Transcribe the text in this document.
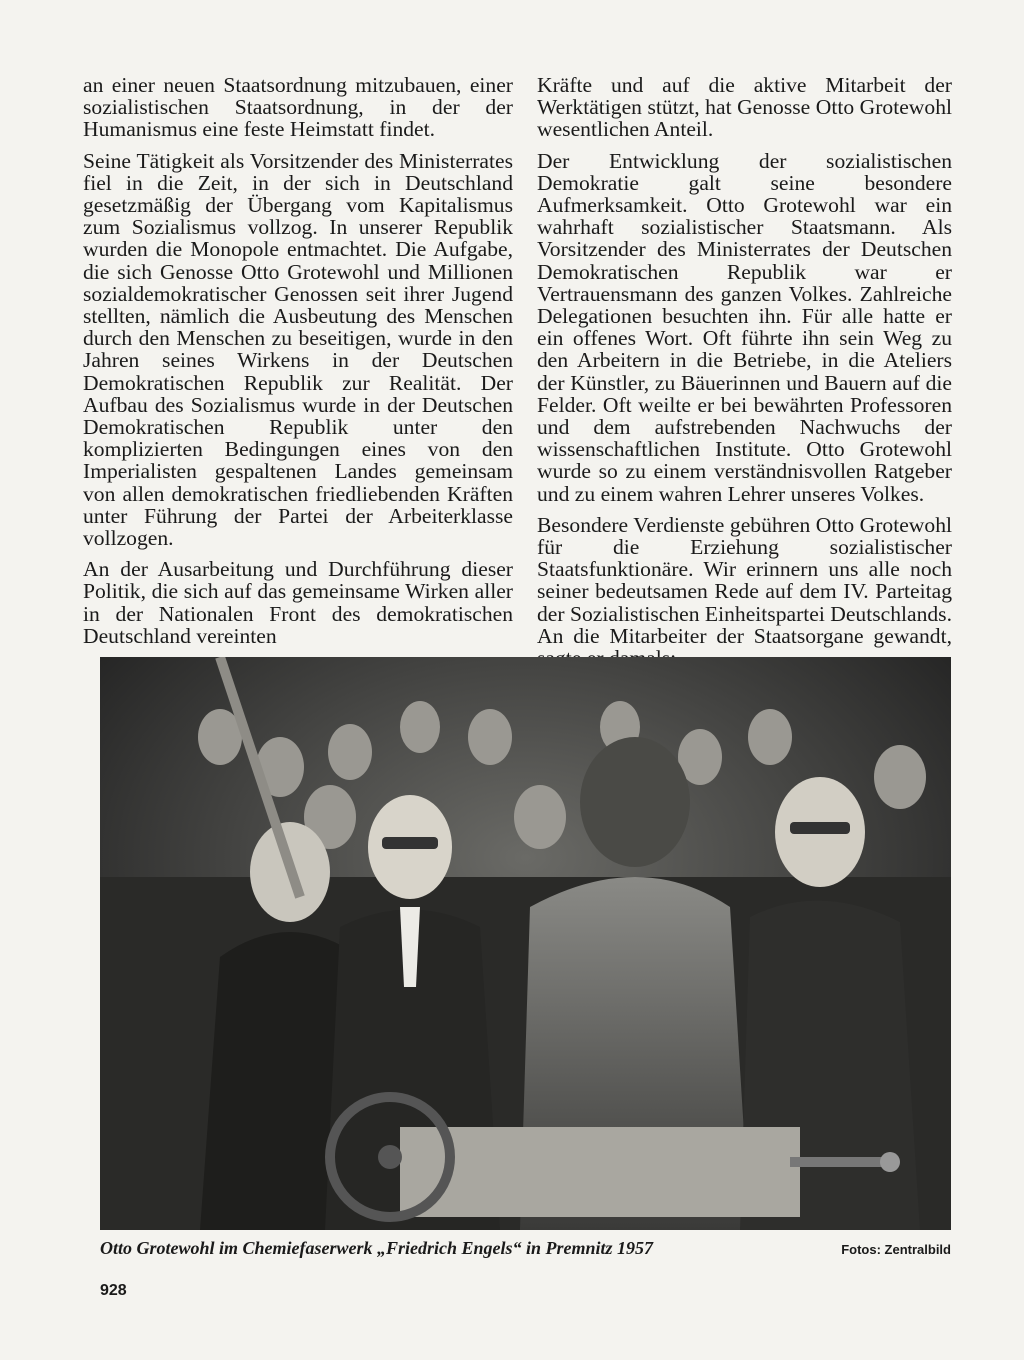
an einer neuen Staatsordnung mitzubauen, einer sozialistischen Staatsordnung, in der der Humanismus eine feste Heimstatt findet.

Seine Tätigkeit als Vorsitzender des Ministerrates fiel in die Zeit, in der sich in Deutschland gesetzmäßig der Übergang vom Kapitalismus zum Sozialismus vollzog. In unserer Republik wurden die Monopole entmachtet. Die Aufgabe, die sich Genosse Otto Grotewohl und Millionen sozialdemokratischer Genossen seit ihrer Jugend stellten, nämlich die Ausbeutung des Menschen durch den Menschen zu beseitigen, wurde in den Jahren seines Wirkens in der Deutschen Demokratischen Republik zur Realität. Der Aufbau des Sozialismus wurde in der Deutschen Demokratischen Republik unter den komplizierten Bedingungen eines von den Imperialisten gespaltenen Landes gemeinsam von allen demokratischen friedliebenden Kräften unter Führung der Partei der Arbeiterklasse vollzogen.

An der Ausarbeitung und Durchführung dieser Politik, die sich auf das gemeinsame Wirken aller in der Nationalen Front des demokratischen Deutschland vereinten

Kräfte und auf die aktive Mitarbeit der Werktätigen stützt, hat Genosse Otto Grotewohl wesentlichen Anteil.

Der Entwicklung der sozialistischen Demokratie galt seine besondere Aufmerksamkeit. Otto Grotewohl war ein wahrhaft sozialistischer Staatsmann. Als Vorsitzender des Ministerrates der Deutschen Demokratischen Republik war er Vertrauensmann des ganzen Volkes. Zahlreiche Delegationen besuchten ihn. Für alle hatte er ein offenes Wort. Oft führte ihn sein Weg zu den Arbeitern in die Betriebe, in die Ateliers der Künstler, zu Bäuerinnen und Bauern auf die Felder. Oft weilte er bei bewährten Professoren und dem aufstrebenden Nachwuchs der wissenschaftlichen Institute. Otto Grotewohl wurde so zu einem verständnisvollen Ratgeber und zu einem wahren Lehrer unseres Volkes.

Besondere Verdienste gebühren Otto Grotewohl für die Erziehung sozialistischer Staatsfunktionäre. Wir erinnern uns alle noch seiner bedeutsamen Rede auf dem IV. Parteitag der Sozialistischen Einheitspartei Deutschlands. An die Mitarbeiter der Staatsorgane gewandt,

Otto Grotewohl im Chemiefaserwerk „Friedrich Engels“ in Premnitz 1957	Fotos: Zentralbild
928
